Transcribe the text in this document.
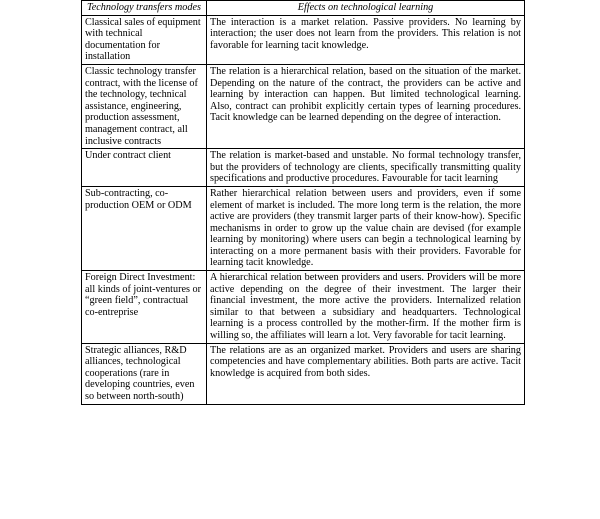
Technology transfers modes	Effects on technological learning
Classical sales of equipment with technical documentation for installation	The interaction is a market relation. Passive providers. No learning by interaction; the user does not learn from the providers. This relation is not favorable for learning tacit knowledge.
Classic technology transfer contract, with the license of the technology, technical assistance, engineering, production assessment, management contract, all inclusive contracts	The relation is a hierarchical relation, based on the situation of the market. Depending on the nature of the contract, the providers can be active and learning by interaction can happen. But limited technological learning. Also, contract can prohibit explicitly certain types of learning procedures. Tacit knowledge can be learned depending on the degree of interaction.
Under contract client	The relation is market-based and unstable. No formal technology transfer, but the providers of technology are clients, specifically transmitting quality specifications and productive procedures. Favourable for tacit learning
Sub-contracting, co-production OEM or ODM	Rather hierarchical relation between users and providers, even if some element of market is included. The more long term is the relation, the more active are providers (they transmit larger parts of their know-how). Specific mechanisms in order to grow up the value chain are devised (for example learning by monitoring) where users can begin a technological learning by interacting on a more permanent basis with their providers. Favorable for learning tacit knowledge.
Foreign Direct Investment: all kinds of joint-ventures or “green field”, contractual co-entreprise	A hierarchical relation between providers and users. Providers will be more active depending on the degree of their investment. The larger their financial investment, the more active the providers. Internalized relation similar to that between a subsidiary and headquarters. Technological learning is a process controlled by the mother-firm. If the mother firm is willing so, the affiliates will learn a lot. Very favorable for tacit learning.
Strategic alliances, R&D alliances, technological cooperations (rare in developing countries, even so between north-south)	The relations are as an organized market. Providers and users are sharing competencies and have complementary abilities. Both parts are active. Tacit knowledge is acquired from both sides.
